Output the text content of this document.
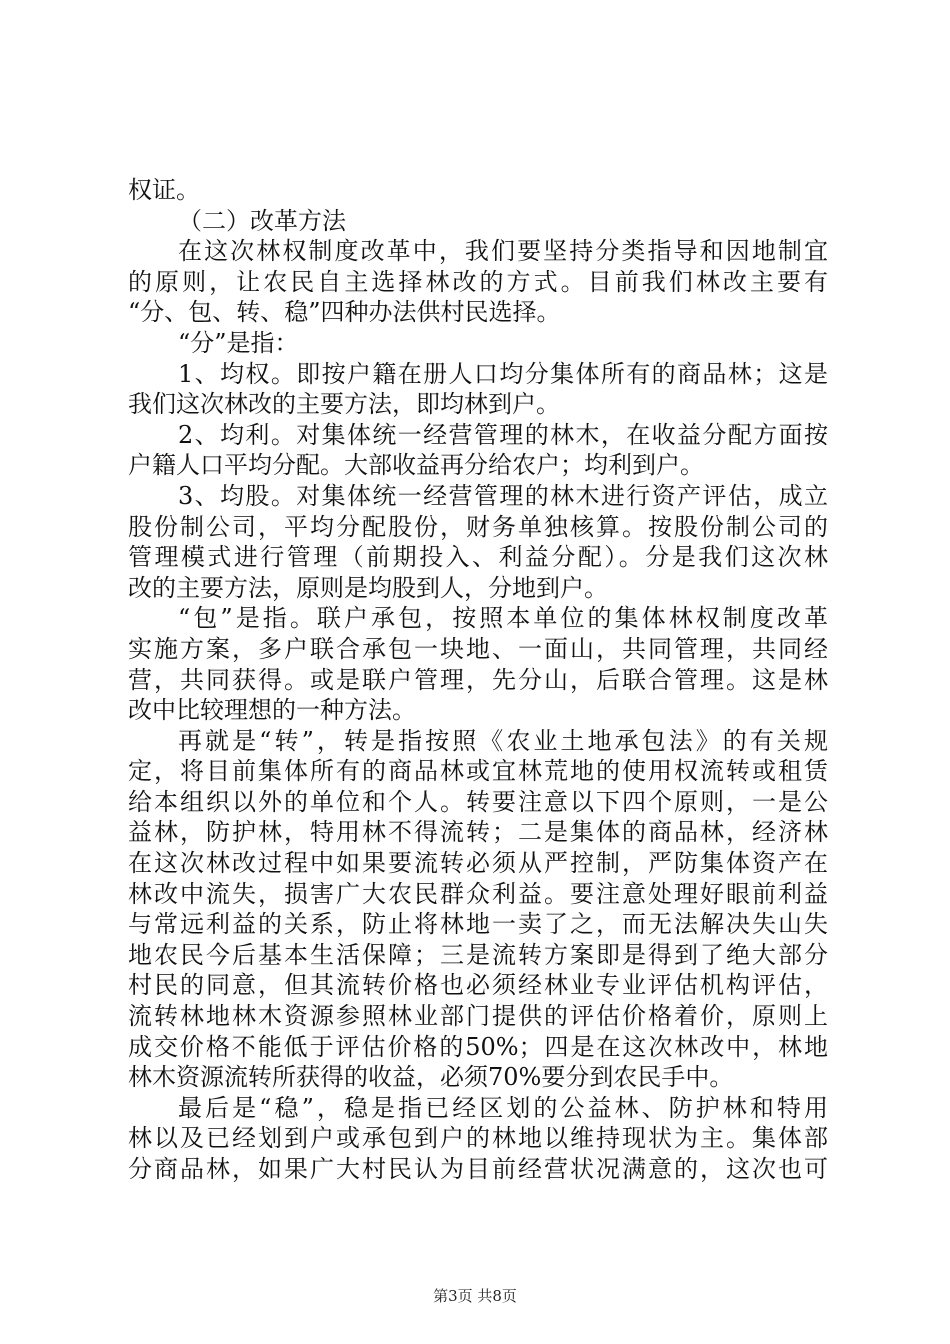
权证。
（二）改革方法
在这次林权制度改革中，我们要坚持分类指导和因地制宜
的原则，让农民自主选择林改的方式。目前我们林改主要有
“分、包、转、稳”四种办法供村民选择。
“分”是指：
1、均权。即按户籍在册人口均分集体所有的商品林；这是
我们这次林改的主要方法，即均林到户。
2、均利。对集体统一经营管理的林木，在收益分配方面按
户籍人口平均分配。大部收益再分给农户；均利到户。
3、均股。对集体统一经营管理的林木进行资产评估，成立
股份制公司，平均分配股份，财务单独核算。按股份制公司的
管理模式进行管理（前期投入、利益分配）。分是我们这次林
改的主要方法，原则是均股到人，分地到户。
“包”是指。联户承包，按照本单位的集体林权制度改革
实施方案，多户联合承包一块地、一面山，共同管理，共同经
营，共同获得。或是联户管理，先分山，后联合管理。这是林
改中比较理想的一种方法。
再就是“转”，转是指按照《农业土地承包法》的有关规
定，将目前集体所有的商品林或宜林荒地的使用权流转或租赁
给本组织以外的单位和个人。转要注意以下四个原则，一是公
益林，防护林，特用林不得流转；二是集体的商品林，经济林
在这次林改过程中如果要流转必须从严控制，严防集体资产在
林改中流失，损害广大农民群众利益。要注意处理好眼前利益
与常远利益的关系，防止将林地一卖了之，而无法解决失山失
地农民今后基本生活保障；三是流转方案即是得到了绝大部分
村民的同意，但其流转价格也必须经林业专业评估机构评估，
流转林地林木资源参照林业部门提供的评估价格着价，原则上
成交价格不能低于评估价格的50%；四是在这次林改中，林地
林木资源流转所获得的收益，必须70%要分到农民手中。
最后是“稳”，稳是指已经区划的公益林、防护林和特用
林以及已经划到户或承包到户的林地以维持现状为主。集体部
分商品林，如果广大村民认为目前经营状况满意的，这次也可
第3页 共8页
